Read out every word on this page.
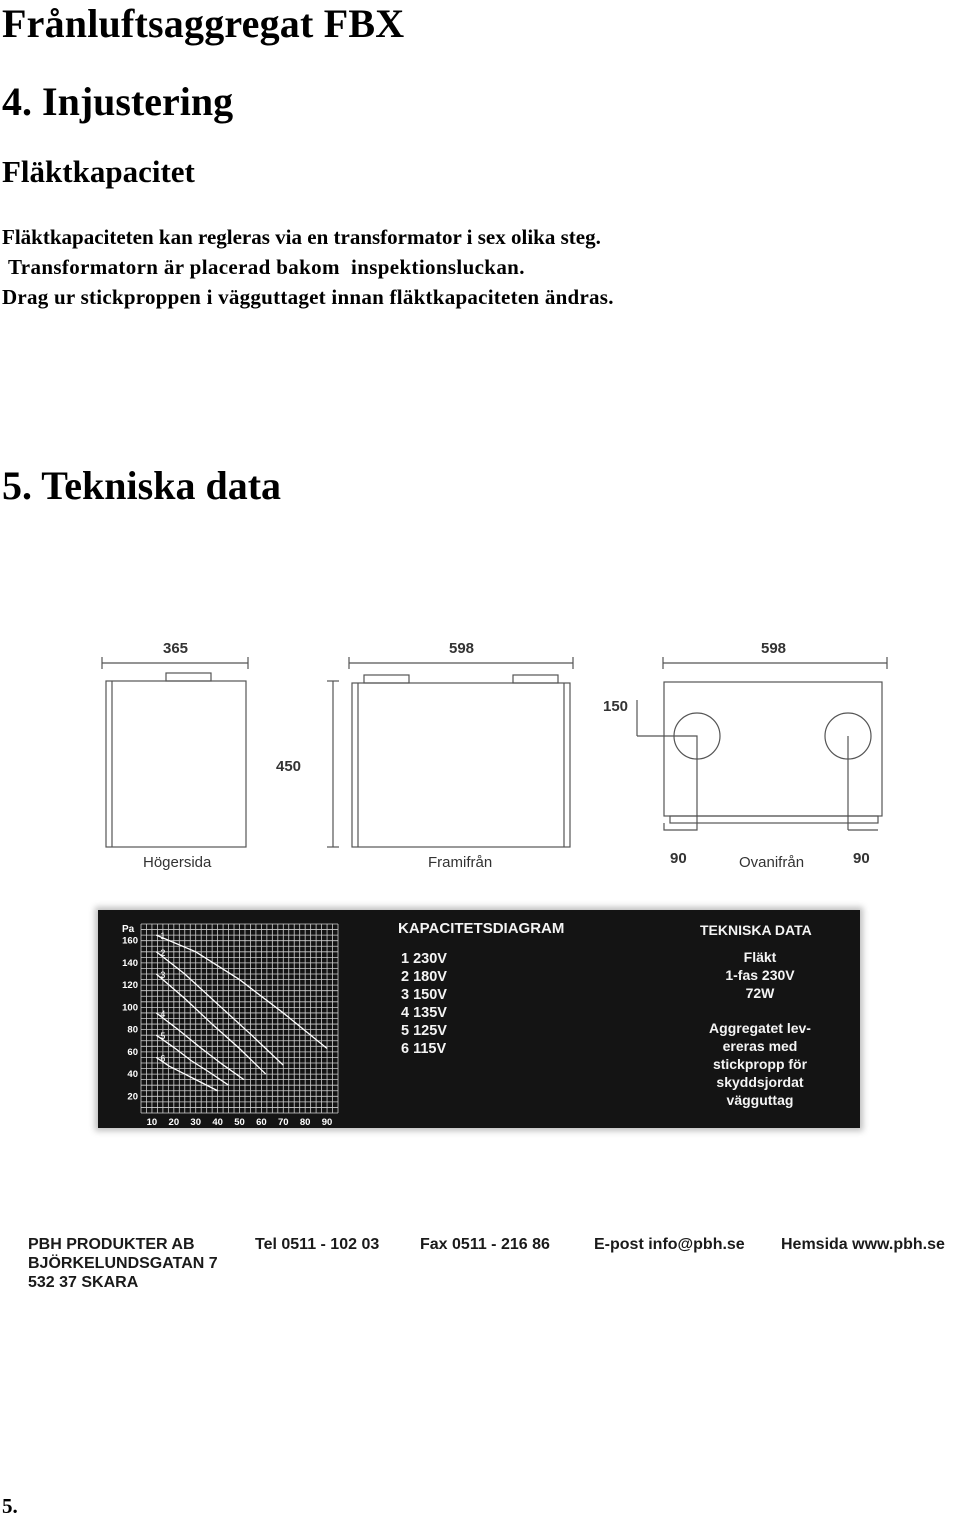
Frånluftsaggregat FBX
4. Injustering
Fläktkapacitet
Fläktkapaciteten kan regleras via en transformator i sex olika steg.
Transformatorn är placerad bakom  inspektionsluckan.
Drag ur stickproppen i vägguttaget innan fläktkapaciteten ändras.
5. Tekniska data
365	598	598
450
150
90	90
Högersida	Framifrån	Ovanifrån
Pa
20
40
60
80
100
120
140
160
10 20 30 40 50 60 70 80 90
1
2
3
4
5
6
KAPACITETSDIAGRAM	TEKNISKA DATA
1 230V
2 180V
3 150V
4 135V
5 125V
6 115V
Fläkt
1-fas 230V
72W
Aggregatet lev-
ereras med
stickpropp för
skyddsjordat
vägguttag
PBH PRODUKTER AB
BJÖRKELUNDSGATAN 7
532 37 SKARA
Tel 0511 - 102 03	Fax 0511 - 216 86	E-post info@pbh.se Hemsida www.pbh.se
5.
